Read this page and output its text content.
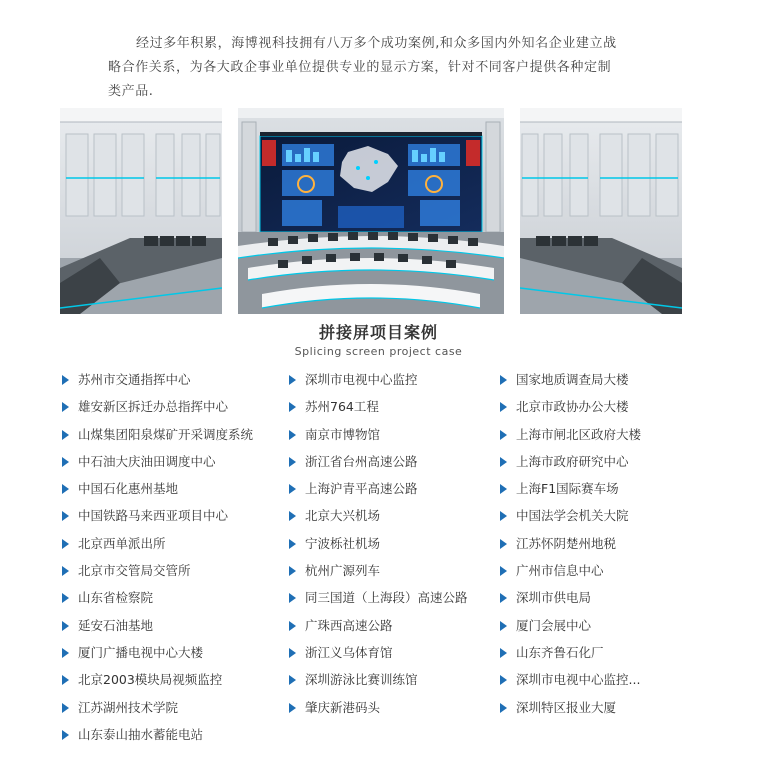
经过多年积累，海博视科技拥有八万多个成功案例,和众多国内外知名企业建立战
略合作关系，为各大政企事业单位提供专业的显示方案，针对不同客户提供各种定制
类产品.
拼接屏项目案例
Splicing screen project case
苏州市交通指挥中心
雄安新区拆迁办总指挥中心
山煤集团阳泉煤矿开采调度系统
中石油大庆油田调度中心
中国石化惠州基地
中国铁路马来西亚项目中心
北京西单派出所
北京市交管局交管所
山东省检察院
延安石油基地
厦门广播电视中心大楼
北京2003模块局视频监控
江苏湖州技术学院
山东泰山抽水蓄能电站
深圳市电视中心监控
苏州764工程
南京市博物馆
浙江省台州高速公路
上海沪青平高速公路
北京大兴机场
宁波栎社机场
杭州广源列车
同三国道（上海段）高速公路
广珠西高速公路
浙江义乌体育馆
深圳游泳比赛训练馆
肇庆新港码头
国家地质调查局大楼
北京市政协办公大楼
上海市闸北区政府大楼
上海市政府研究中心
上海F1国际赛车场
中国法学会机关大院
江苏怀阴楚州地税
广州市信息中心
深圳市供电局
厦门会展中心
山东齐鲁石化厂
深圳市电视中心监控...
深圳特区报业大厦
